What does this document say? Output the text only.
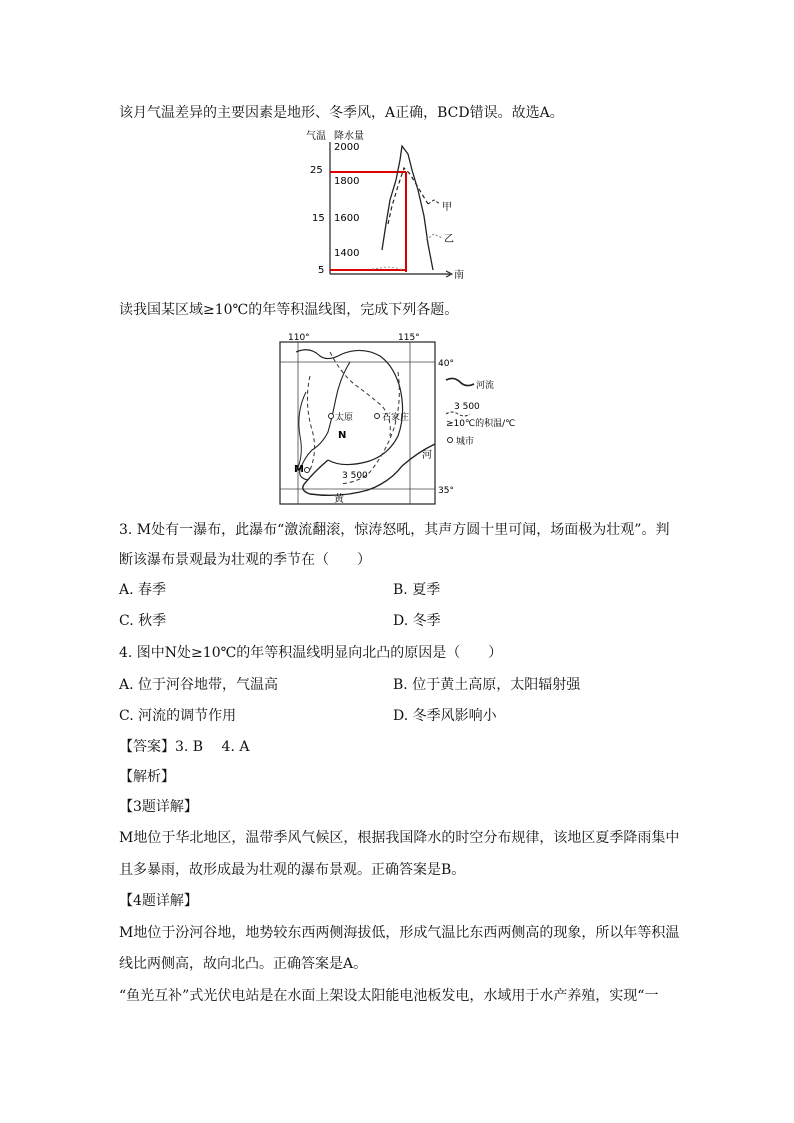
该月气温差异的主要因素是地形、冬季风，A正确，BCD错误。故选A。
气温 降水量
南
25
15
5
2000
1800
1600
1400
甲
乙
读我国某区域≥10℃的年等积温线图，完成下列各题。
110°	115°
40°
35°
太原	石家庄
N
M
3 500
河
黄
河流
3 500
≥10℃的积温/℃
城市
3. M处有一瀑布，此瀑布“激流翻滚，惊涛怒吼，其声方圆十里可闻，场面极为壮观”。判
断该瀑布景观最为壮观的季节在（　　）
A. 春季	B. 夏季
C. 秋季	D. 冬季
4. 图中N处≥10℃的年等积温线明显向北凸的原因是（　　）
A. 位于河谷地带，气温高	B. 位于黄土高原，太阳辐射强
C. 河流的调节作用	D. 冬季风影响小
【答案】3. B　 4. A
【解析】
【3题详解】
M地位于华北地区，温带季风气候区，根据我国降水的时空分布规律，该地区夏季降雨集中
且多暴雨，故形成最为壮观的瀑布景观。正确答案是B。
【4题详解】
M地位于汾河谷地，地势较东西两侧海拔低，形成气温比东西两侧高的现象，所以年等积温
线比两侧高，故向北凸。正确答案是A。
“鱼光互补”式光伏电站是在水面上架设太阳能电池板发电，水域用于水产养殖，实现“一
